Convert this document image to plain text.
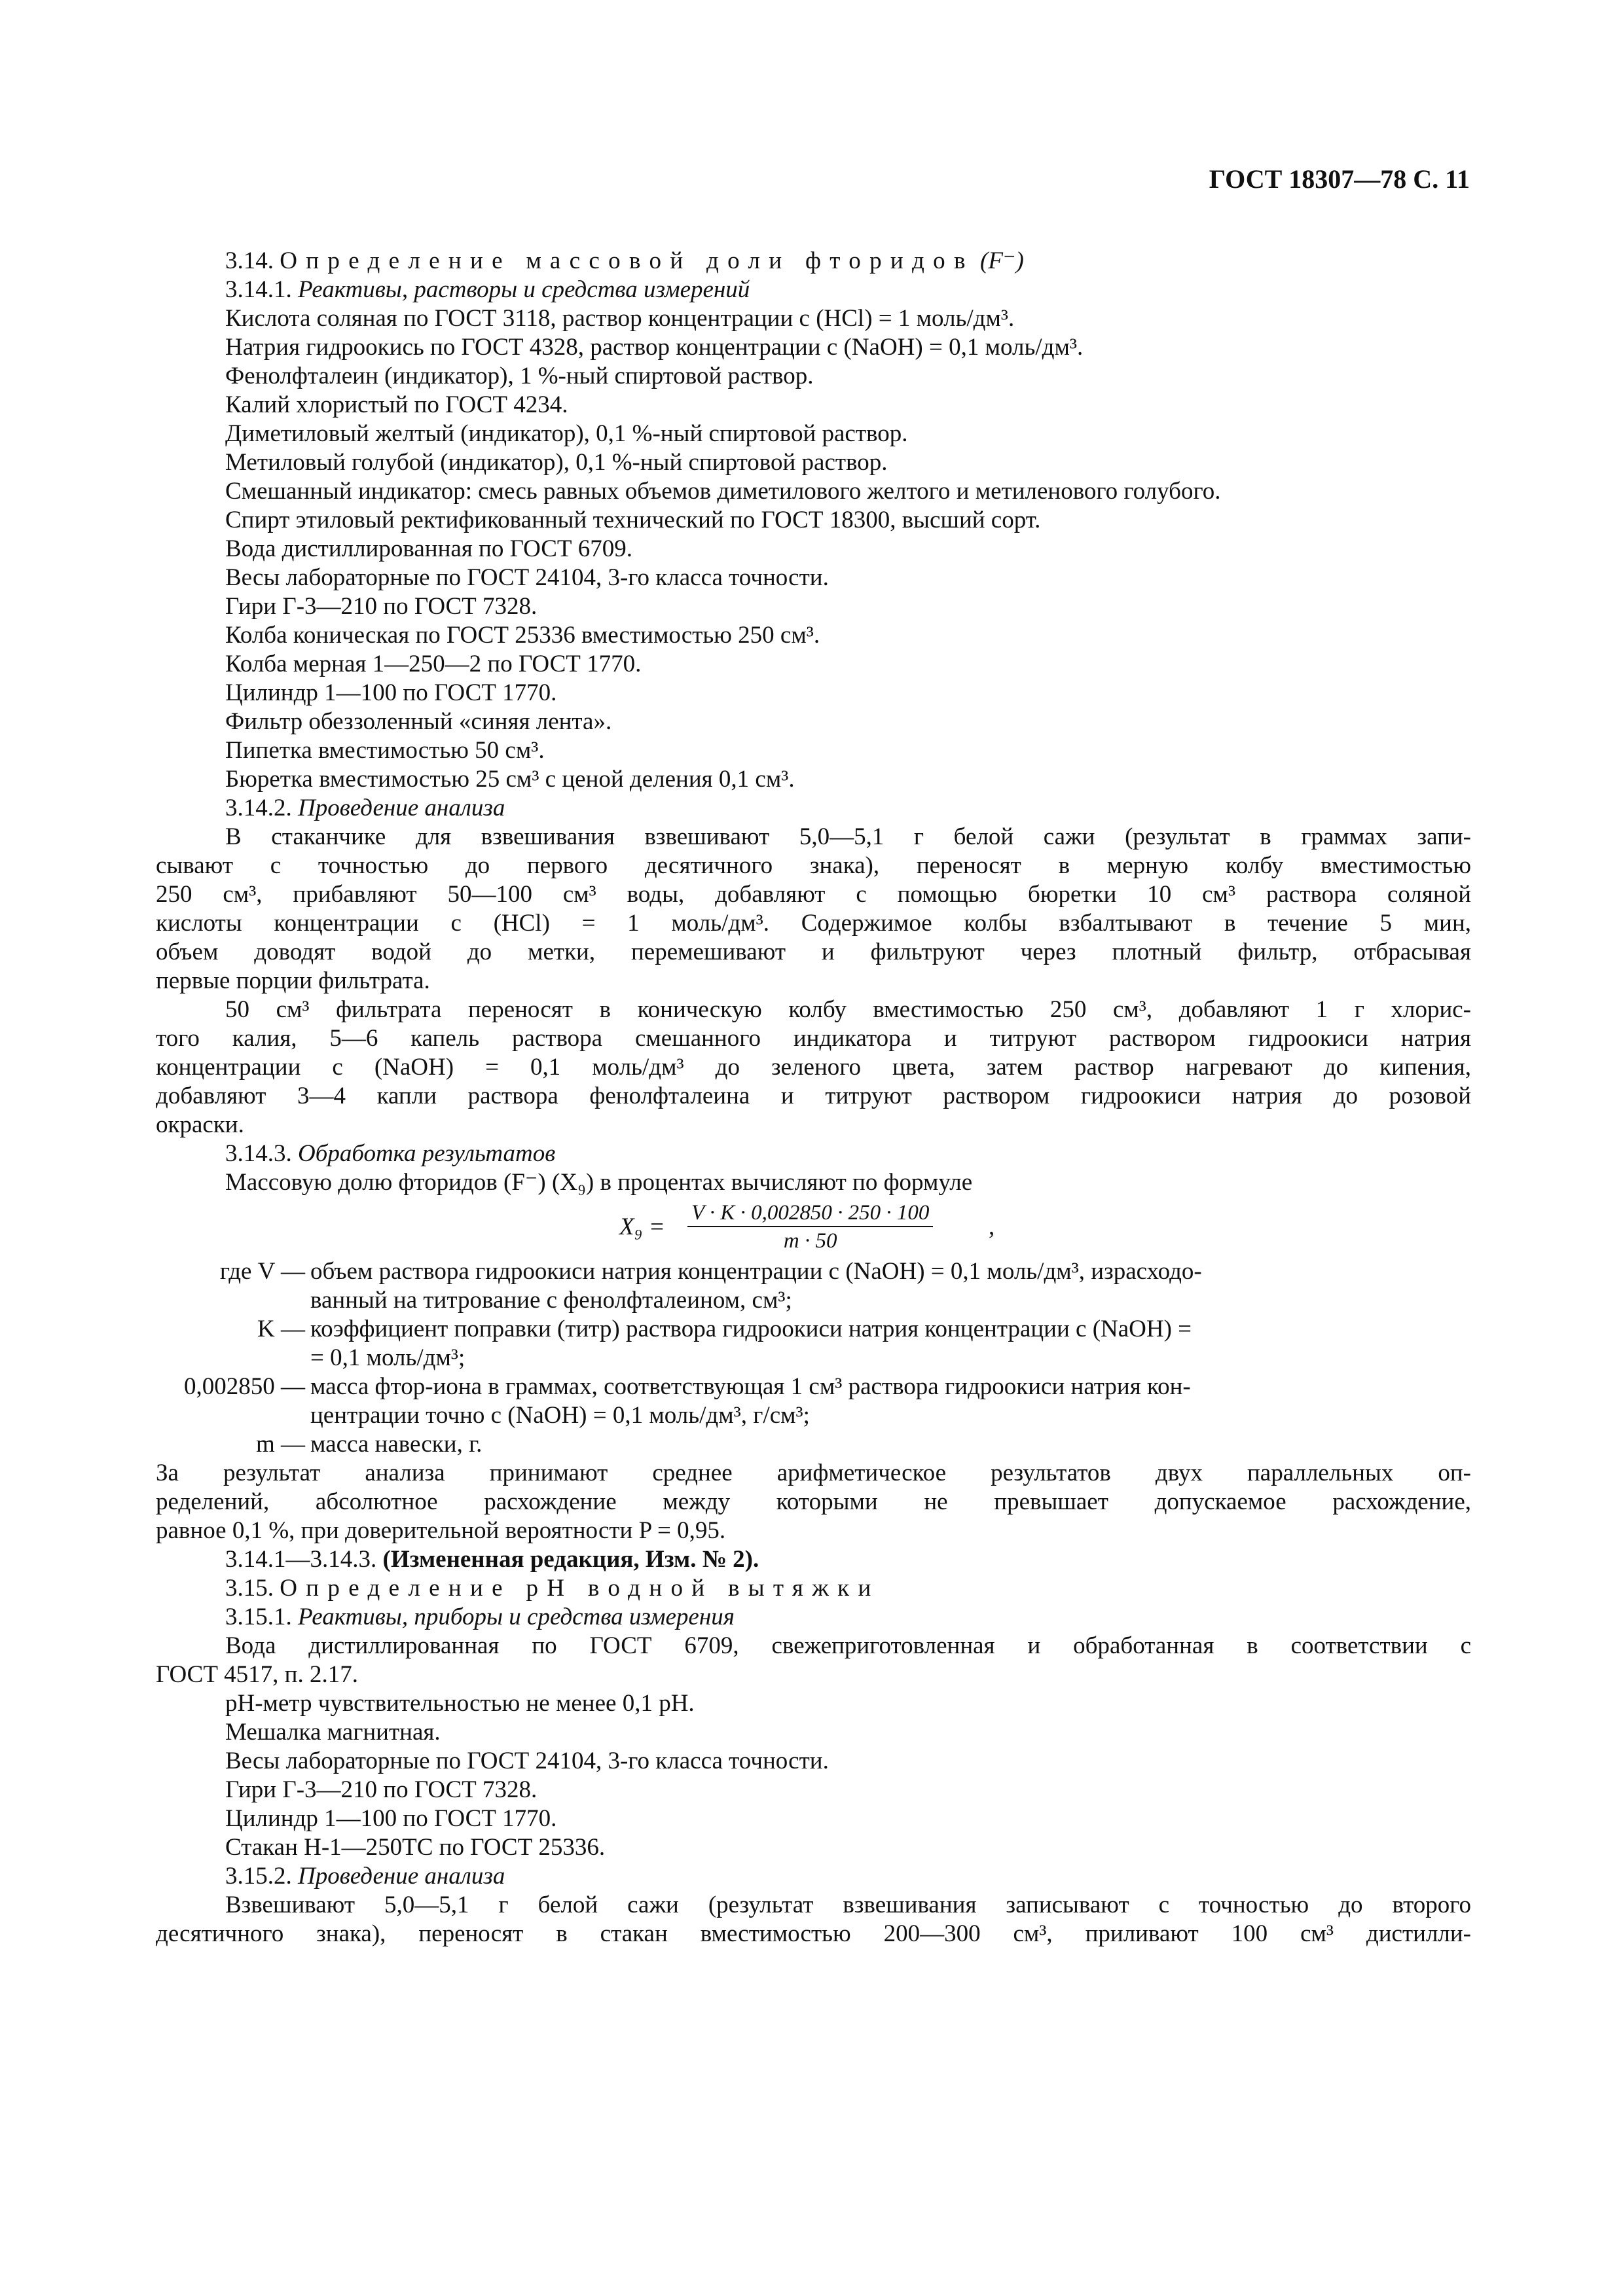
ГОСТ 18307—78 С. 11
3.14. Определение массовой доли фторидов (F⁻)
3.14.1. Реактивы, растворы и средства измерений
Кислота соляная по ГОСТ 3118, раствор концентрации с (HCl) = 1 моль/дм³.
Натрия гидроокись по ГОСТ 4328, раствор концентрации с (NaOH) = 0,1 моль/дм³.
Фенолфталеин (индикатор), 1 %-ный спиртовой раствор.
Калий хлористый по ГОСТ 4234.
Диметиловый желтый (индикатор), 0,1 %-ный спиртовой раствор.
Метиловый голубой (индикатор), 0,1 %-ный спиртовой раствор.
Смешанный индикатор: смесь равных объемов диметилового желтого и метиленового голубого.
Спирт этиловый ректификованный технический по ГОСТ 18300, высший сорт.
Вода дистиллированная по ГОСТ 6709.
Весы лабораторные по ГОСТ 24104, 3-го класса точности.
Гири Г-3—210 по ГОСТ 7328.
Колба коническая по ГОСТ 25336 вместимостью 250 см³.
Колба мерная 1—250—2 по ГОСТ 1770.
Цилиндр 1—100 по ГОСТ 1770.
Фильтр обеззоленный «синяя лента».
Пипетка вместимостью 50 см³.
Бюретка вместимостью 25 см³ с ценой деления 0,1 см³.
3.14.2. Проведение анализа
В стаканчике для взвешивания взвешивают 5,0—5,1 г белой сажи (результат в граммах запи-
сывают с точностью до первого десятичного знака), переносят в мерную колбу вместимостью
250 см³, прибавляют 50—100 см³ воды, добавляют с помощью бюретки 10 см³ раствора соляной
кислоты концентрации с (HCl) = 1 моль/дм³. Содержимое колбы взбалтывают в течение 5 мин,
объем доводят водой до метки, перемешивают и фильтруют через плотный фильтр, отбрасывая
первые порции фильтрата.
50 см³ фильтрата переносят в коническую колбу вместимостью 250 см³, добавляют 1 г хлорис-
того калия, 5—6 капель раствора смешанного индикатора и титруют раствором гидроокиси натрия
концентрации с (NaOH) = 0,1 моль/дм³ до зеленого цвета, затем раствор нагревают до кипения,
добавляют 3—4 капли раствора фенолфталеина и титруют раствором гидроокиси натрия до розовой
окраски.
3.14.3. Обработка результатов
Массовую долю фторидов (F⁻) (X₉) в процентах вычисляют по формуле
$X_9 = \frac{V \cdot K \cdot 0,002850 \cdot 250 \cdot 100}{m \cdot 50}$ ,
где V — объем раствора гидроокиси натрия концентрации с (NaOH) = 0,1 моль/дм³, израсходо-
ванный на титрование с фенолфталеином, см³;
K — коэффициент поправки (титр) раствора гидроокиси натрия концентрации с (NaOH) =
= 0,1 моль/дм³;
0,002850 — масса фтор-иона в граммах, соответствующая 1 см³ раствора гидроокиси натрия кон-
центрации точно с (NaOH) = 0,1 моль/дм³, г/см³;
m — масса навески, г.
За результат анализа принимают среднее арифметическое результатов двух параллельных оп-
ределений, абсолютное расхождение между которыми не превышает допускаемое расхождение,
равное 0,1 %, при доверительной вероятности P = 0,95.
3.14.1—3.14.3. (Измененная редакция, Изм. № 2).
3.15. Определение pH водной вытяжки
3.15.1. Реактивы, приборы и средства измерения
Вода дистиллированная по ГОСТ 6709, свежеприготовленная и обработанная в соответствии с
ГОСТ 4517, п. 2.17.
рН-метр чувствительностью не менее 0,1 pH.
Мешалка магнитная.
Весы лабораторные по ГОСТ 24104, 3-го класса точности.
Гири Г-3—210 по ГОСТ 7328.
Цилиндр 1—100 по ГОСТ 1770.
Стакан Н-1—250ТС по ГОСТ 25336.
3.15.2. Проведение анализа
Взвешивают 5,0—5,1 г белой сажи (результат взвешивания записывают с точностью до второго
десятичного знака), переносят в стакан вместимостью 200—300 см³, приливают 100 см³ дистилли-
